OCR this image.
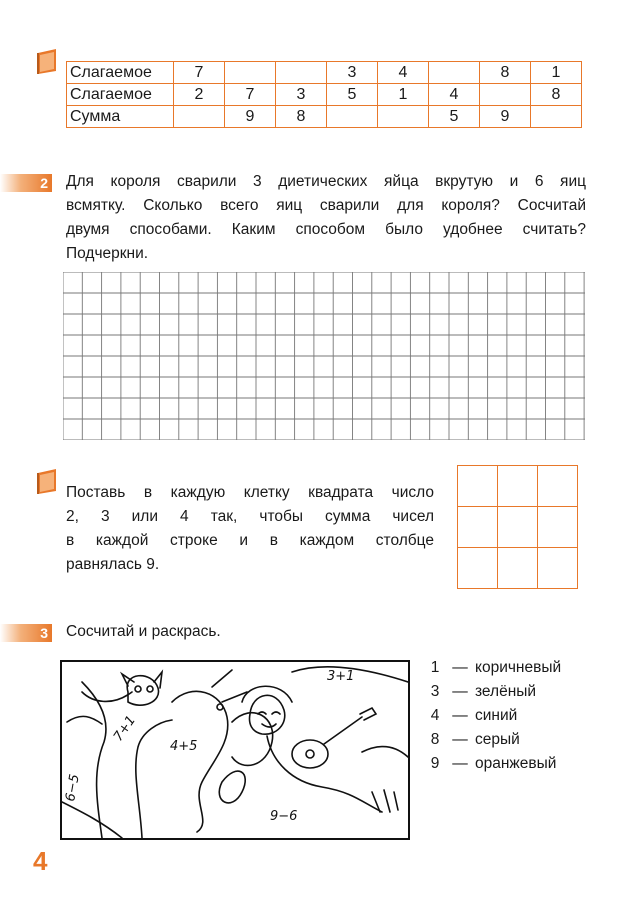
Слагаемое	7			3	4		8	1
Слагаемое	2	7	3	5	1	4		8
Сумма		9	8			5	9	
2 Для короля сварили 3 диетических яйца вкрутую и 6 яиц
всмятку. Сколько всего яиц сварили для короля? Сосчитай
двумя способами. Каким способом было удобнее считать?
Подчеркни.
Поставь в каждую клетку квадрата число
2, 3 или 4 так, чтобы сумма чисел
в каждой строке и в каждом столбце
равнялась 9.

3 Сосчитай и раскрась.
3+1
7+1
4+5
6−5
9−6
1 — коричневый
3 — зелёный
4 — синий
8 — серый
9 — оранжевый
4
